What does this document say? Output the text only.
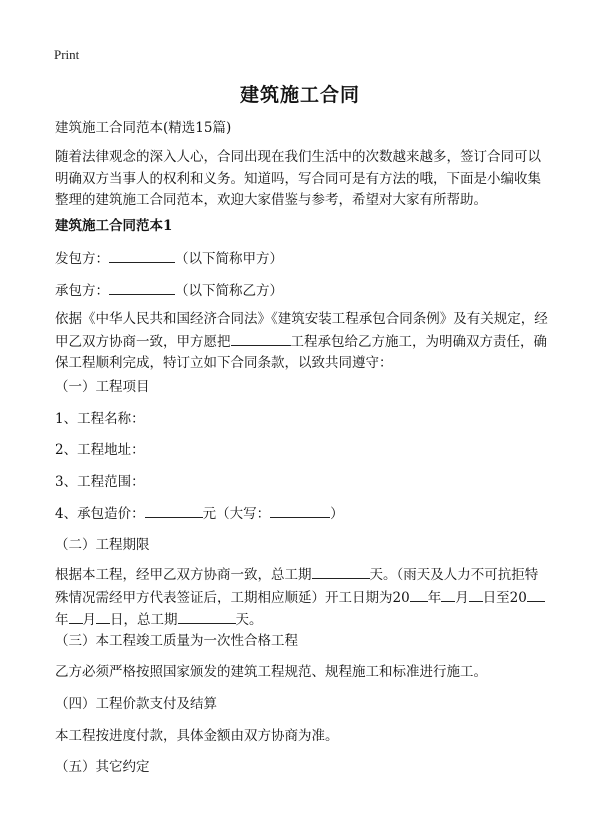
Print
建筑施工合同
建筑施工合同范本(精选15篇)
随着法律观念的深入人心，合同出现在我们生活中的次数越来越多，签订合同可以明确双方当事人的权利和义务。知道吗，写合同可是有方法的哦，下面是小编收集整理的建筑施工合同范本，欢迎大家借鉴与参考，希望对大家有所帮助。
建筑施工合同范本1
发包方：	（以下简称甲方）
承包方：	（以下简称乙方）
依据《中华人民共和国经济合同法》《建筑安装工程承包合同条例》及有关规定，经甲乙双方协商一致，甲方愿把	工程承包给乙方施工，为明确双方责任，确保工程顺利完成，特订立如下合同条款，以致共同遵守：
（一）工程项目
1、工程名称：
2、工程地址：
3、工程范围：
4、承包造价：	元（大写：	）
（二）工程期限
根据本工程，经甲乙双方协商一致，总工期	天。（雨天及人力不可抗拒特殊情况需经甲方代表签证后，工期相应顺延）开工日期为20 年 月 日至20年 月 日，总工期	天。
（三）本工程竣工质量为一次性合格工程
乙方必须严格按照国家颁发的建筑工程规范、规程施工和标准进行施工。
（四）工程价款支付及结算
本工程按进度付款，具体金额由双方协商为准。
（五）其它约定
